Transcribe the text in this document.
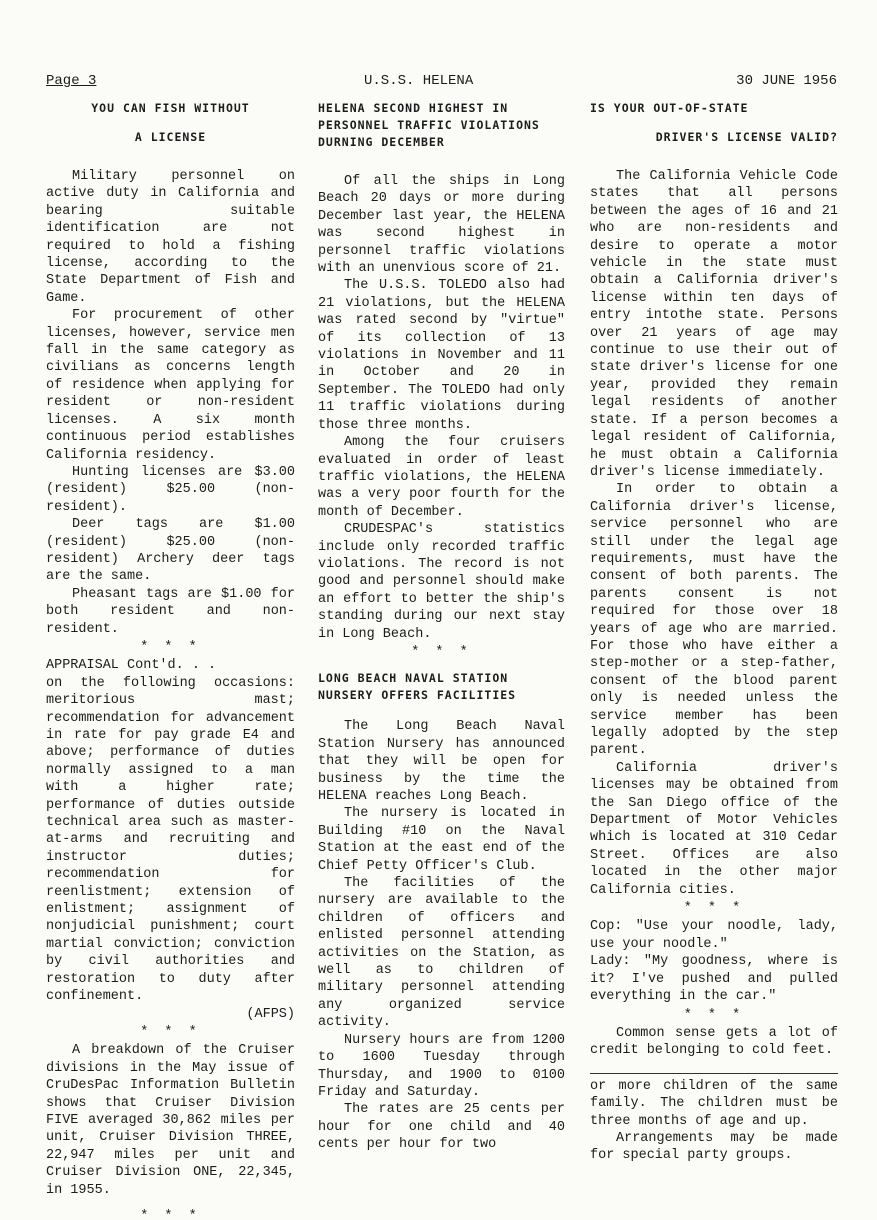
Page 3	U.S.S. HELENA	30 JUNE 1956
YOU CAN FISH WITHOUT
A LICENSE

Military personnel on active duty in California and bearing suitable identification are not required to hold a fishing license, according to the State Department of Fish and Game.

For procurement of other licenses, however, service men fall in the same category as civilians as concerns length of residence when applying for resident or non-resident licenses. A six month continuous period establishes California residency.

Hunting licenses are $3.00 (resident) $25.00 (non-resident).

Deer tags are $1.00 (resident) $25.00 (non-resident) Archery deer tags are the same.

Pheasant tags are $1.00 for both resident and non-resident.

* * *

APPRAISAL Cont'd. . .

on the following occasions: meritorious mast; recommendation for advancement in rate for pay grade E4 and above; performance of duties normally assigned to a man with a higher rate; performance of duties outside technical area such as master-at-arms and recruiting and instructor duties; recommendation for reenlistment; extension of enlistment; assignment of nonjudicial punishment; court martial conviction; conviction by civil authorities and restoration to duty after confinement.

(AFPS)

* * *

A breakdown of the Cruiser divisions in the May issue of CruDesPac Information Bulletin shows that Cruiser Division FIVE averaged 30,862 miles per unit, Cruiser Division THREE, 22,947 miles per unit and Cruiser Division ONE, 22,345, in 1955.

* * *
HELENA SECOND HIGHEST IN PERSONNEL TRAFFIC VIOLATIONS DURNING DECEMBER

Of all the ships in Long Beach 20 days or more during December last year, the HELENA was second highest in personnel traffic violations with an unenvious score of 21.

The U.S.S. TOLEDO also had 21 violations, but the HELENA was rated second by "virtue" of its collection of 13 violations in November and 11 in October and 20 in September. The TOLEDO had only 11 traffic violations during those three months.

Among the four cruisers evaluated in order of least traffic violations, the HELENA was a very poor fourth for the month of December.

CRUDESPAC's statistics include only recorded traffic violations. The record is not good and personnel should make an effort to better the ship's standing during our next stay in Long Beach.

* * *
LONG BEACH NAVAL STATION NURSERY OFFERS FACILITIES

The Long Beach Naval Station Nursery has announced that they will be open for business by the time the HELENA reaches Long Beach.

The nursery is located in Building #10 on the Naval Station at the east end of the Chief Petty Officer's Club.

The facilities of the nursery are available to the children of officers and enlisted personnel attending activities on the Station, as well as to children of military personnel attending any organized service activity.

Nursery hours are from 1200 to 1600 Tuesday through Thursday, and 1900 to 0100 Friday and Saturday.

The rates are 25 cents per hour for one child and 40 cents per hour for two

IS YOUR OUT-OF-STATE
DRIVER'S LICENSE VALID?

The California Vehicle Code states that all persons between the ages of 16 and 21 who are non-residents and desire to operate a motor vehicle in the state must obtain a California driver's license within ten days of entry intothe state. Persons over 21 years of age may continue to use their out of state driver's license for one year, provided they remain legal residents of another state. If a person becomes a legal resident of California, he must obtain a California driver's license immediately.

In order to obtain a California driver's license, service personnel who are still under the legal age requirements, must have the consent of both parents. The parents consent is not required for those over 18 years of age who are married. For those who have either a step-mother or a step-father, consent of the blood parent only is needed unless the service member has been legally adopted by the step parent.

California driver's licenses may be obtained from the San Diego office of the Department of Motor Vehicles which is located at 310 Cedar Street. Offices are also located in the other major California cities.

* * *

Cop: "Use your noodle, lady, use your noodle."

Lady: "My goodness, where is it? I've pushed and pulled everything in the car."

* * *

Common sense gets a lot of credit belonging to cold feet.

or more children of the same family. The children must be three months of age and up.

Arrangements may be made for special party groups.
